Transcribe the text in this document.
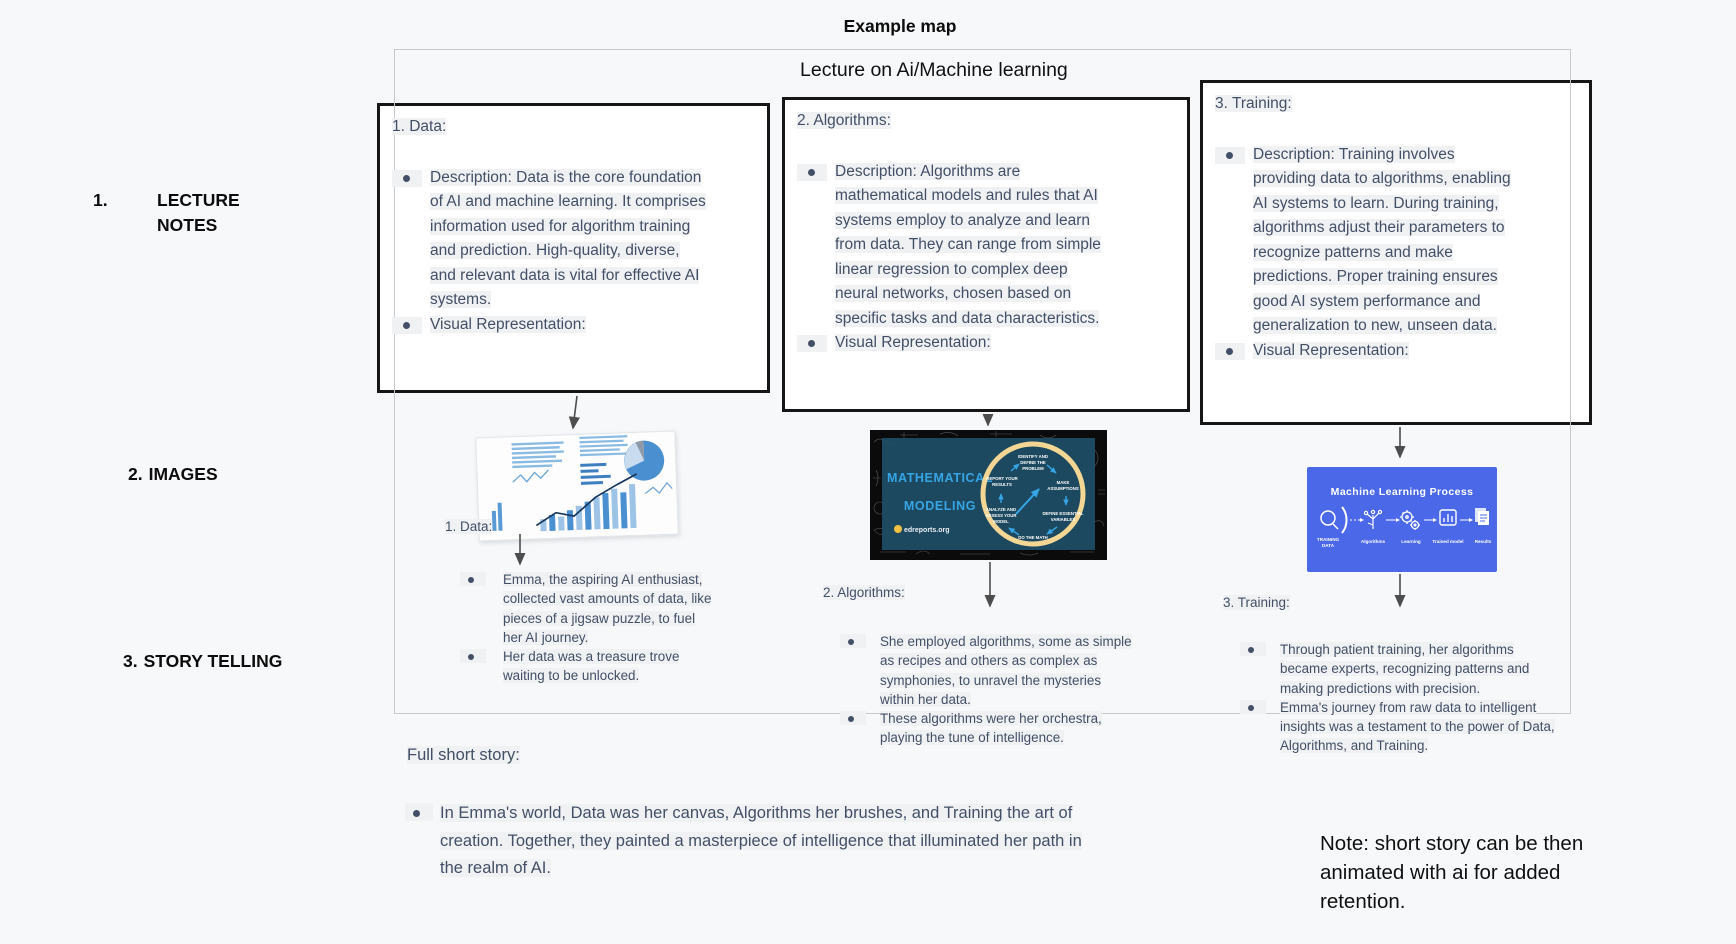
Example map
Lecture on Ai/Machine learning
1.	LECTURE NOTES
2. IMAGES
3. STORY TELLING
1. Data:
Description: Data is the core foundation of AI and machine learning. It comprises information used for algorithm training and prediction. High-quality, diverse, and relevant data is vital for effective AI systems.
Visual Representation:
2. Algorithms:
Description: Algorithms are mathematical models and rules that AI systems employ to analyze and learn from data. They can range from simple linear regression to complex deep neural networks, chosen based on specific tasks and data characteristics.
Visual Representation:
3. Training:
Description: Training involves providing data to algorithms, enabling AI systems to learn. During training, algorithms adjust their parameters to recognize patterns and make predictions. Proper training ensures good AI system performance and generalization to new, unseen data.
Visual Representation:
MATHEMATICAL
MODELING
IDENTIFY AND
DEFINE THE
PROBLEM
MAKE
ASSUMPTIONS
DEFINE ESSENTIAL
VARIABLES
DO THE MATH
ANALYZE AND
ASSESS YOUR
MODEL
REPORT YOUR
RESULTS
edreports.org
Machine Learning Process
TRAINING
DATA
Algorithms	Learning	Trained model Results
1. Data:
2. Algorithms:
3. Training:
Emma, the aspiring AI enthusiast, collected vast amounts of data, like pieces of a jigsaw puzzle, to fuel her AI journey.
Her data was a treasure trove waiting to be unlocked.
She employed algorithms, some as simple as recipes and others as complex as symphonies, to unravel the mysteries within her data.
These algorithms were her orchestra, playing the tune of intelligence.
Through patient training, her algorithms became experts, recognizing patterns and making predictions with precision.
Emma's journey from raw data to intelligent insights was a testament to the power of Data, Algorithms, and Training.
Full short story:
In Emma's world, Data was her canvas, Algorithms her brushes, and Training the art of creation. Together, they painted a masterpiece of intelligence that illuminated her path in the realm of AI.
Note: short story can be then animated with ai for added retention.
